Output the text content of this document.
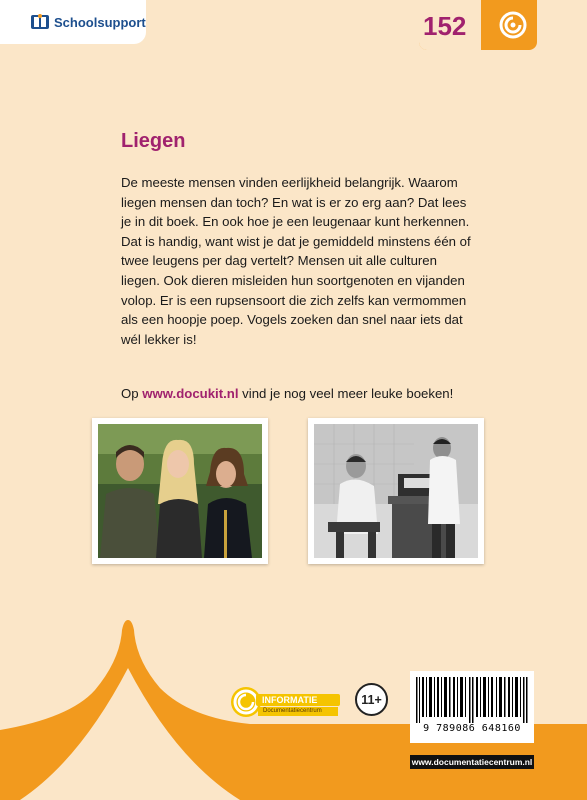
Schoolsupport	152
Liegen

De meeste mensen vinden eerlijkheid belangrijk. Waarom liegen mensen dan toch? En wat is er zo erg aan? Dat lees je in dit boek. En ook hoe je een leugenaar kunt herkennen. Dat is handig, want wist je dat je gemiddeld minstens één of twee leugens per dag vertelt? Mensen uit alle culturen liegen. Ook dieren misleiden hun soortgenoten en vijanden volop. Er is een rupsensoort die zich zelfs kan vermommen als een hoopje poep. Vogels zoeken dan snel naar iets dat wél lekker is!

Op www.docukit.nl vind je nog veel meer leuke boeken!
INFORMATIE
Documentatiecentrum
11+
9 789086 648160
www.documentatiecentrum.nl
